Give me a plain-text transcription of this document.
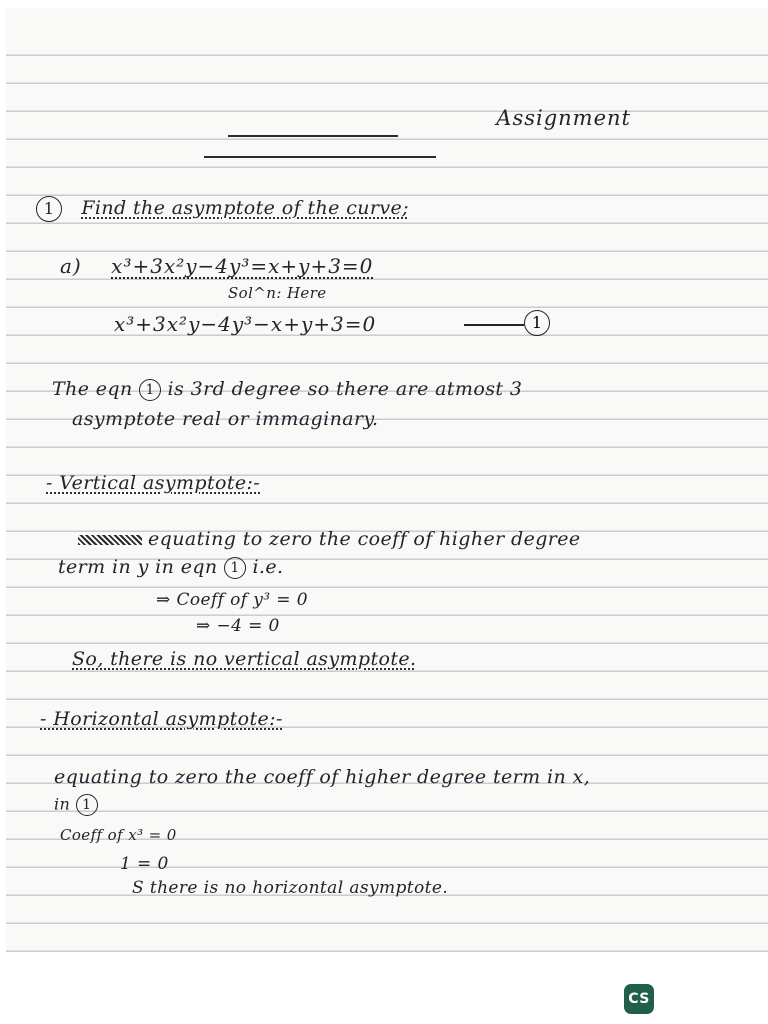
Assignment
1 Find the asymptote of the curve;
a) x³+3x²y−4y³=x+y+3=0
Sol^n: Here
x³+3x²y−4y³−x+y+3=0	1
The eqn 1 is 3rd degree so there are atmost 3
asymptote real or immaginary.
- Vertical asymptote:-
equating to zero the coeff of higher degree
term in y in eqn 1 i.e.
⇒ Coeff of y³ = 0
⇒ −4 = 0
So, there is no vertical asymptote.
- Horizontal asymptote:-
equating to zero the coeff of higher degree term in x,
in 1
Coeff of x³ = 0
1 = 0
S there is no horizontal asymptote.
CS
